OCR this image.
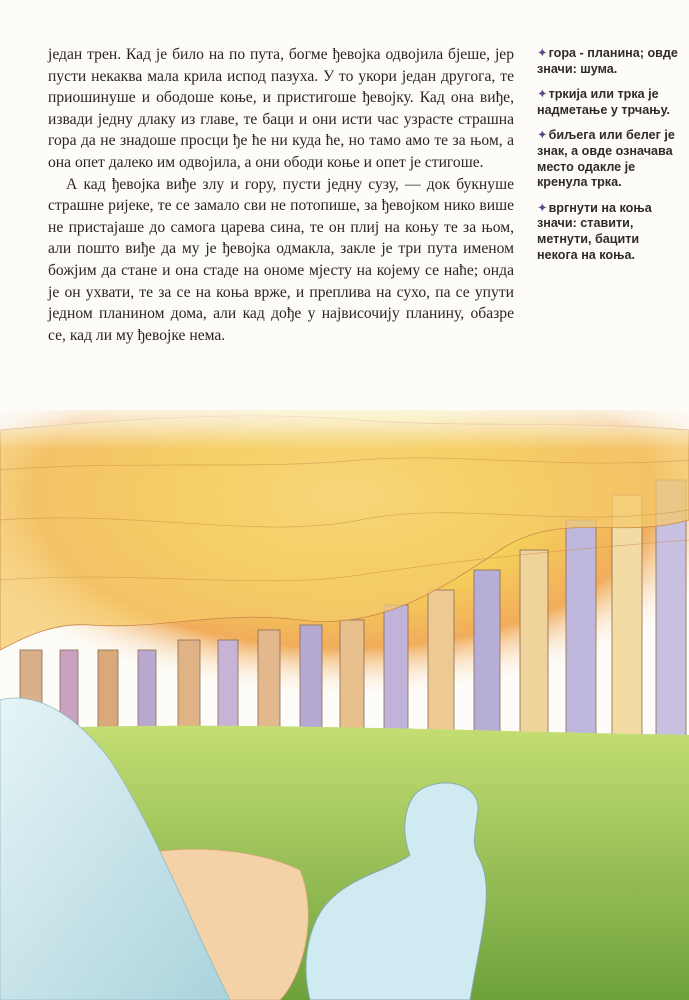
један трен. Кад је било на по пута, богме ђевојка одвојила бјеше, јер пусти некаква мала крила испод пазуха. У то укори један другога, те приошинуше и ободоше коње, и пристигоше ђевојку. Кад она виђе, извади једну длаку из главе, те баци и они исти час узрасте страшна гора да не знадоше просци ђе ће ни куда ће, но тамо амо те за њом, а она опет далеко им одвојила, а они ободи коње и опет је стигоше.

А кад ђевојка виђе злу и гору, пусти једну сузу, — док букнуше страшне ријеке, те се замало сви не потопише, за ђевојком нико више не пристајаше до самога царева сина, те он плиј на коњу те за њом, али пошто виђе да му је ђевојка одмакла, закле је три пута именом божјим да стане и она стаде на ономе мјесту на којему се наће; онда је он ухвати, те за се на коња врже, и преплива на сухо, па се упути једном планином дома, али кад дође у највисочију планину, обазре се, кад ли му ђевојке нема.

✦гора - планина; овде значи: шума.
✦тркија или трка је надметање у трчању.
✦биљега или белег је знак, а овде означава место одакле је кренула трка.
✦вргнути на коња значи: ставити, метнути, бацити некога на коња.
